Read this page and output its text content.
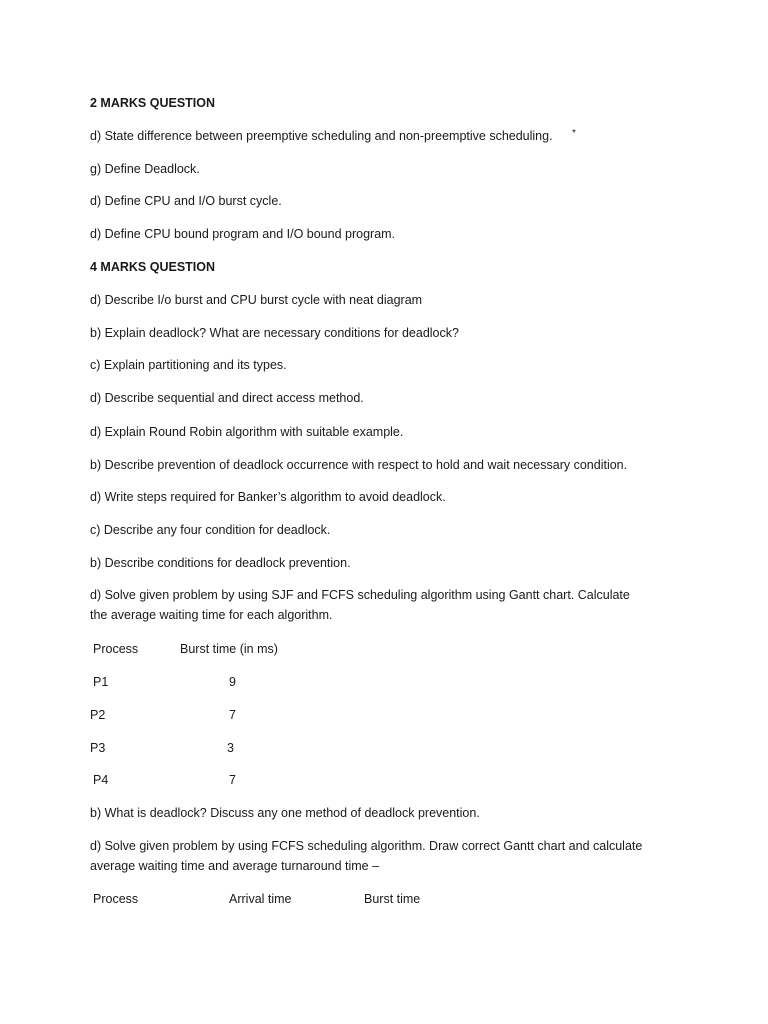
2 MARKS QUESTION
d) State difference between preemptive scheduling and non-preemptive scheduling. *
g) Define Deadlock.
d) Define CPU and I/O burst cycle.
d) Define CPU bound program and I/O bound program.
4 MARKS QUESTION
d) Describe I/o burst and CPU burst cycle with neat diagram
b) Explain deadlock? What are necessary conditions for deadlock?
c) Explain partitioning and its types.
d) Describe sequential and direct access method.
d) Explain Round Robin algorithm with suitable example.
b) Describe prevention of deadlock occurrence with respect to hold and wait necessary condition.
d) Write steps required for Banker’s algorithm to avoid deadlock.
c) Describe any four condition for deadlock.
b) Describe conditions for deadlock prevention.
d) Solve given problem by using SJF and FCFS scheduling algorithm using Gantt chart. Calculate the average waiting time for each algorithm.
Process	Burst time (in ms)
P1	9
P2	7
P3	3
P4	7
b) What is deadlock? Discuss any one method of deadlock prevention.
d) Solve given problem by using FCFS scheduling algorithm. Draw correct Gantt chart and calculate average waiting time and average turnaround time –
Process	Arrival time	Burst time
